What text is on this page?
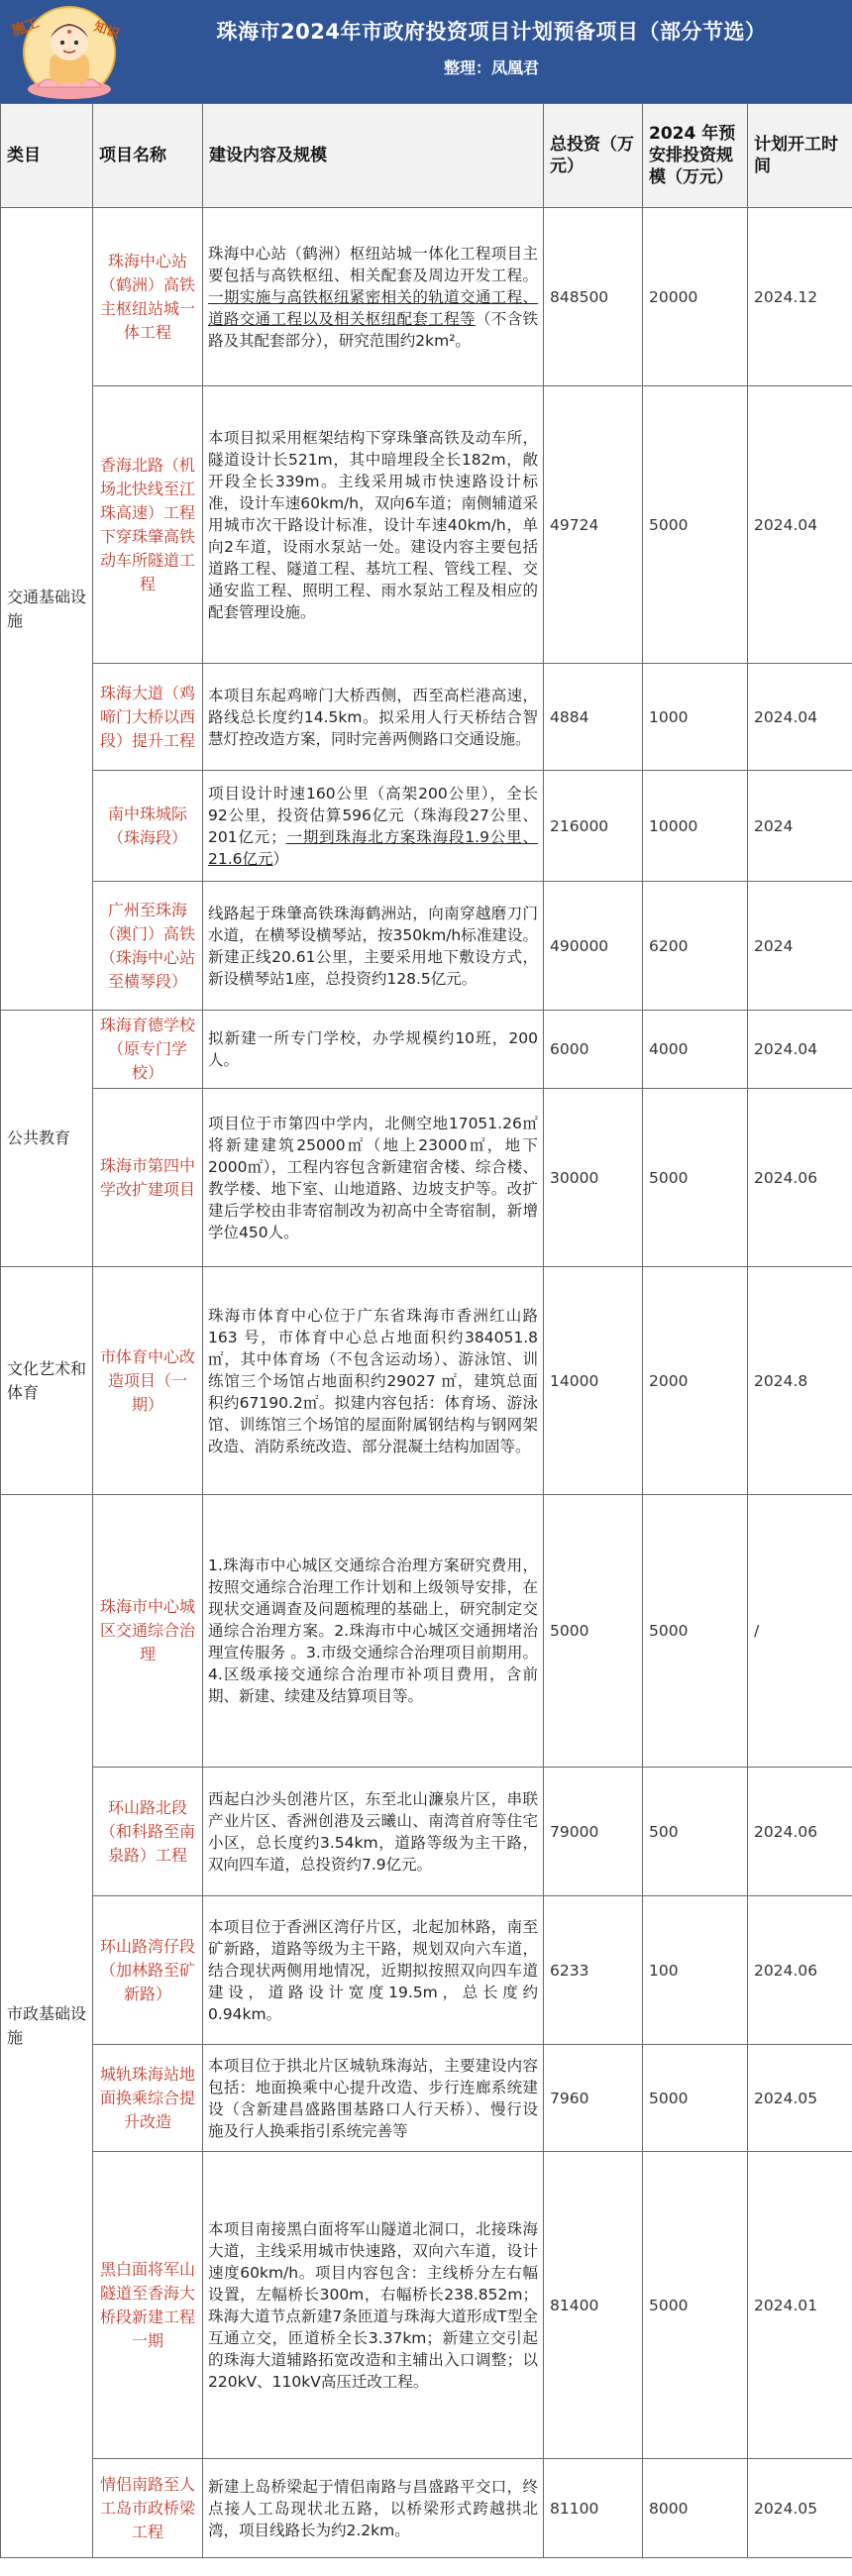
施工	知识	珠海市2024年市政府投资项目计划预备项目（部分节选）
整理：凤凰君
类目	项目名称	建设内容及规模	总投资（万元）	2024 年预安排投资规模（万元）	计划开工时间
交通基础设施	珠海中心站（鹤洲）高铁主枢纽站城一体工程	珠海中心站（鹤洲）枢纽站城一体化工程项目主要包括与高铁枢纽、相关配套及周边开发工程。一期实施与高铁枢纽紧密相关的轨道交通工程、道路交通工程以及相关枢纽配套工程等（不含铁路及其配套部分），研究范围约2km²。	848500	20000	2024.12
	香海北路（机场北快线至江珠高速）工程下穿珠肇高铁动车所隧道工程	本项目拟采用框架结构下穿珠肇高铁及动车所，隧道设计长521m，其中暗埋段全长182m，敞开段全长339m。主线采用城市快速路设计标准，设计车速60km/h，双向6车道；南侧辅道采用城市次干路设计标准，设计车速40km/h，单向2车道，设雨水泵站一处。建设内容主要包括道路工程、隧道工程、基坑工程、管线工程、交通安监工程、照明工程、雨水泵站工程及相应的配套管理设施。	49724	5000	2024.04
	珠海大道（鸡啼门大桥以西段）提升工程	本项目东起鸡啼门大桥西侧，西至高栏港高速，路线总长度约14.5km。拟采用人行天桥结合智慧灯控改造方案，同时完善两侧路口交通设施。	4884	1000	2024.04
	南中珠城际（珠海段）	项目设计时速160公里（高架200公里），全长92公里，投资估算596亿元（珠海段27公里、201亿元；一期到珠海北方案珠海段1.9公里、21.6亿元）	216000	10000	2024
	广州至珠海（澳门）高铁（珠海中心站至横琴段）	线路起于珠肇高铁珠海鹤洲站，向南穿越磨刀门水道，在横琴设横琴站，按350km/h标准建设。新建正线20.61公里，主要采用地下敷设方式，新设横琴站1座，总投资约128.5亿元。	490000	6200	2024
公共教育	珠海育德学校（原专门学校）	拟新建一所专门学校，办学规模约10班，200人。	6000	4000	2024.04
	珠海市第四中学改扩建项目	项目位于市第四中学内，北侧空地17051.26㎡将新建建筑25000㎡（地上23000㎡，地下2000㎡），工程内容包含新建宿舍楼、综合楼、教学楼、地下室、山地道路、边坡支护等。改扩建后学校由非寄宿制改为初高中全寄宿制，新增学位450人。	30000	5000	2024.06
文化艺术和体育	市体育中心改造项目（一期）	珠海市体育中心位于广东省珠海市香洲红山路 163 号，市体育中心总占地面积约384051.8㎡，其中体育场（不包含运动场）、游泳馆、训练馆三个场馆占地面积约29027 ㎡，建筑总面积约67190.2㎡。拟建内容包括：体育场、游泳馆、训练馆三个场馆的屋面附属钢结构与钢网架改造、消防系统改造、部分混凝土结构加固等。	14000	2000	2024.8
市政基础设施	珠海市中心城区交通综合治理	1.珠海市中心城区交通综合治理方案研究费用，按照交通综合治理工作计划和上级领导安排，在现状交通调查及问题梳理的基础上，研究制定交通综合治理方案。2.珠海市中心城区交通拥堵治理宣传服务 。3.市级交通综合治理项目前期用。4.区级承接交通综合治理市补项目费用，含前期、新建、续建及结算项目等。	5000	5000	/
	环山路北段（和科路至南泉路）工程	西起白沙头创港片区，东至北山濂泉片区，串联产业片区、香洲创港及云曦山、南湾首府等住宅小区，总长度约3.54km，道路等级为主干路，双向四车道，总投资约7.9亿元。	79000	500	2024.06
	环山路湾仔段（加林路至矿新路）	本项目位于香洲区湾仔片区，北起加林路，南至矿新路，道路等级为主干路，规划双向六车道，结合现状两侧用地情况，近期拟按照双向四车道建设，道路设计宽度19.5m，总长度约0.94km。	6233	100	2024.06
	城轨珠海站地面换乘综合提升改造	本项目位于拱北片区城轨珠海站，主要建设内容包括：地面换乘中心提升改造、步行连廊系统建设（含新建昌盛路围基路口人行天桥）、慢行设施及行人换乘指引系统完善等	7960	5000	2024.05
	黑白面将军山隧道至香海大桥段新建工程一期	本项目南接黑白面将军山隧道北洞口，北接珠海大道，主线采用城市快速路，双向六车道，设计速度60km/h。项目内容包含：主线桥分左右幅设置，左幅桥长300m，右幅桥长238.852m；珠海大道节点新建7条匝道与珠海大道形成T型全互通立交，匝道桥全长3.37km；新建立交引起的珠海大道辅路拓宽改造和主辅出入口调整；以220kV、110kV高压迁改工程。	81400	5000	2024.01
	情侣南路至人工岛市政桥梁工程	新建上岛桥梁起于情侣南路与昌盛路平交口，终点接人工岛现状北五路，以桥梁形式跨越拱北湾，项目线路长为约2.2km。	81100	8000	2024.05
